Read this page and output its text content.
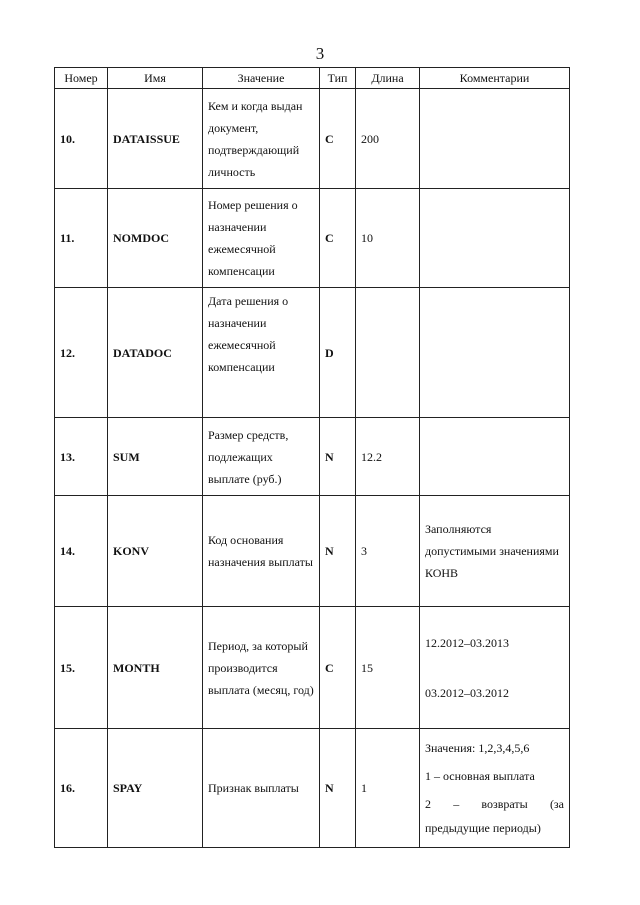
3
Номер	Имя	Значение	Тип	Длина	Комментарии
10.	DATAISSUE	Кем и когда выдан документ, подтверждающий личность	C	200	
11.	NOMDOC	Номер решения о назначении ежемесячной компенсации	C	10	
12.	DATADOC	Дата решения о назначении ежемесячной компенсации	D		
13.	SUM	Размер средств, подлежащих выплате (руб.)	N	12.2	
14.	KONV	Код основания назначения выплаты	N	3	Заполняются допустимыми значениями КОНВ

15.	MONTH	Период, за который производится выплата (месяц, год)	C	15	12.2012–03.2013
03.2012–03.2012

16.	SPAY	Признак выплаты	N	1	Значения: 1,2,3,4,5,6
1 – основная выплата
2 – возвраты (за предыдущие периоды)
